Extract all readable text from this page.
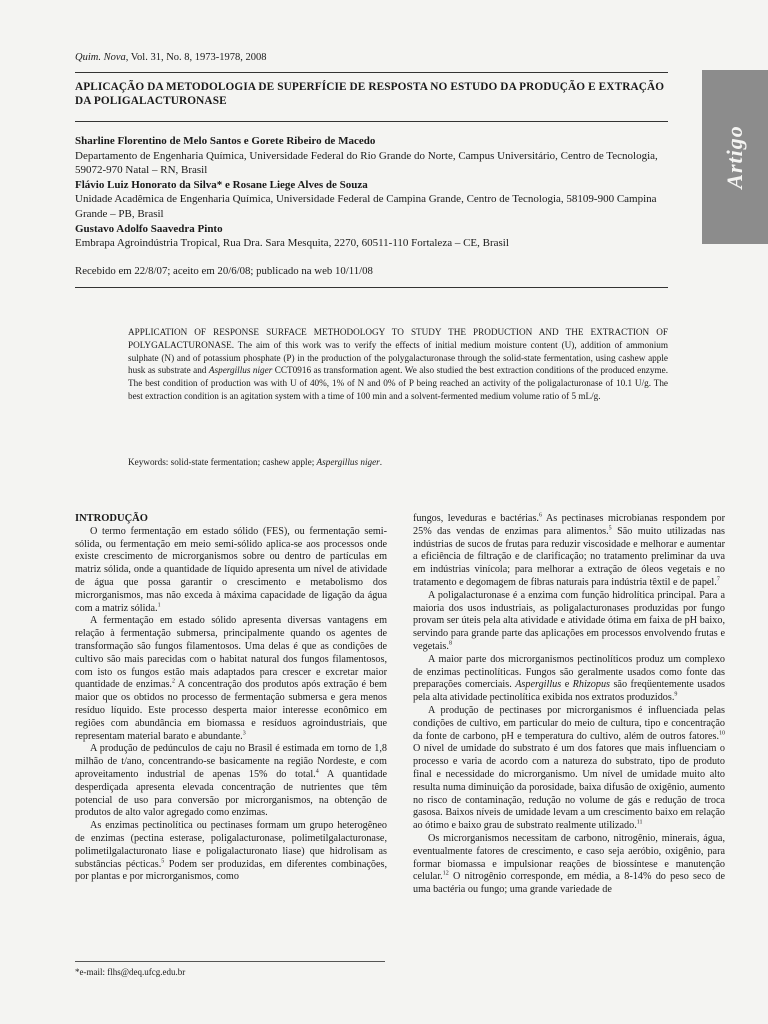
Quim. Nova, Vol. 31, No. 8, 1973-1978, 2008
APLICAÇÃO DA METODOLOGIA DE SUPERFÍCIE DE RESPOSTA NO ESTUDO DA PRODUÇÃO E EXTRAÇÃO DA POLIGALACTURONASE
Sharline Florentino de Melo Santos e Gorete Ribeiro de Macedo
Departamento de Engenharia Química, Universidade Federal do Rio Grande do Norte, Campus Universitário, Centro de Tecnologia, 59072-970 Natal – RN, Brasil
Flávio Luiz Honorato da Silva* e Rosane Liege Alves de Souza
Unidade Acadêmica de Engenharia Química, Universidade Federal de Campina Grande, Centro de Tecnologia, 58109-900 Campina Grande – PB, Brasil
Gustavo Adolfo Saavedra Pinto
Embrapa Agroindústria Tropical, Rua Dra. Sara Mesquita, 2270, 60511-110 Fortaleza – CE, Brasil
Recebido em 22/8/07; aceito em 20/6/08; publicado na web 10/11/08
Artigo
APPLICATION OF RESPONSE SURFACE METHODOLOGY TO STUDY THE PRODUCTION AND THE EXTRACTION OF POLYGALACTURONASE. The aim of this work was to verify the effects of initial medium moisture content (U), addition of ammonium sulphate (N) and of potassium phosphate (P) in the production of the polygalacturonase through the solid-state fermentation, using cashew apple husk as substrate and Aspergillus niger CCT0916 as transformation agent. We also studied the best extraction conditions of the produced enzyme. The best condition of production was with U of 40%, 1% of N and 0% of P being reached an activity of the poligalacturonase of 10.1 U/g. The best extraction condition is an agitation system with a time of 100 min and a solvent-fermented medium volume ratio of 5 mL/g.
Keywords: solid-state fermentation; cashew apple; Aspergillus niger.

INTRODUÇÃO

O termo fermentação em estado sólido (FES), ou fermentação semi-sólida, ou fermentação em meio semi-sólido aplica-se aos processos onde existe crescimento de microrganismos sobre ou dentro de partículas em matriz sólida, onde a quantidade de líquido apresenta um nível de atividade de água que possa garantir o crescimento e metabolismo dos microrganismos, mas não exceda à máxima capacidade de ligação da água com a matriz sólida.$^1$

A fermentação em estado sólido apresenta diversas vantagens em relação à fermentação submersa, principalmente quando os agentes de transformação são fungos filamentosos. Uma delas é que as condições de cultivo são mais parecidas com o habitat natural dos fungos filamentosos, com isto os fungos estão mais adaptados para crescer e excretar maior quantidade de enzimas.$^2$ A concentração dos produtos após extração é bem maior que os obtidos no processo de fermentação submersa e gera menos resíduo líquido. Este processo desperta maior interesse econômico em regiões com abundância em biomassa e resíduos agroindustriais, que representam material barato e abundante.$^3$

A produção de pedúnculos de caju no Brasil é estimada em torno de 1,8 milhão de t/ano, concentrando-se basicamente na região Nordeste, e com aproveitamento industrial de apenas 15% do total.$^4$ A quantidade desperdiçada apresenta elevada concentração de nutrientes que têm potencial de uso para conversão por microrganismos, na obtenção de produtos de alto valor agregado como enzimas.

As enzimas pectinolítica ou pectinases formam um grupo heterogêneo de enzimas (pectina esterase, poligalacturonase, polimetilgalacturonase, polimetilgalacturonato liase e poligalacturonato liase) que hidrolisam as substâncias pécticas.$^5$ Podem ser produzidas, em diferentes combinações, por plantas e por microrganismos, como

fungos, leveduras e bactérias.$^6$ As pectinases microbianas respondem por 25% das vendas de enzimas para alimentos.$^5$ São muito utilizadas nas indústrias de sucos de frutas para reduzir viscosidade e melhorar e aumentar a eficiência de filtração e de clarificação; no tratamento preliminar da uva em indústrias vinícola; para melhorar a extração de óleos vegetais e no tratamento e degomagem de fibras naturais para indústria têxtil e de papel.$^7$

A poligalacturonase é a enzima com função hidrolítica principal. Para a maioria dos usos industriais, as poligalacturonases produzidas por fungo provam ser úteis pela alta atividade e atividade ótima em faixa de pH baixo, servindo para grande parte das aplicações em processos envolvendo frutas e vegetais.$^8$

A maior parte dos microrganismos pectinolíticos produz um complexo de enzimas pectinolíticas. Fungos são geralmente usados como fonte das preparações comerciais. Aspergillus e Rhizopus são freqüentemente usados pela alta atividade pectinolítica exibida nos extratos produzidos.$^9$

A produção de pectinases por microrganismos é influenciada pelas condições de cultivo, em particular do meio de cultura, tipo e concentração da fonte de carbono, pH e temperatura do cultivo, além de outros fatores.$^{10}$ O nível de umidade do substrato é um dos fatores que mais influenciam o processo e varia de acordo com a natureza do substrato, tipo de produto final e necessidade do microrganismo. Um nível de umidade muito alto resulta numa diminuição da porosidade, baixa difusão de oxigênio, aumento no risco de contaminação, redução no volume de gás e redução de troca gasosa. Baixos níveis de umidade levam a um crescimento baixo em relação ao ótimo e baixo grau de substrato realmente utilizado.$^{11}$

Os microrganismos necessitam de carbono, nitrogênio, minerais, água, eventualmente fatores de crescimento, e caso seja aeróbio, oxigênio, para formar biomassa e impulsionar reações de biossíntese e manutenção celular.$^{12}$ O nitrogênio corresponde, em média, a 8-14% do peso seco de uma bactéria ou fungo; uma grande variedade de

*e-mail: flhs@deq.ufcg.edu.br
